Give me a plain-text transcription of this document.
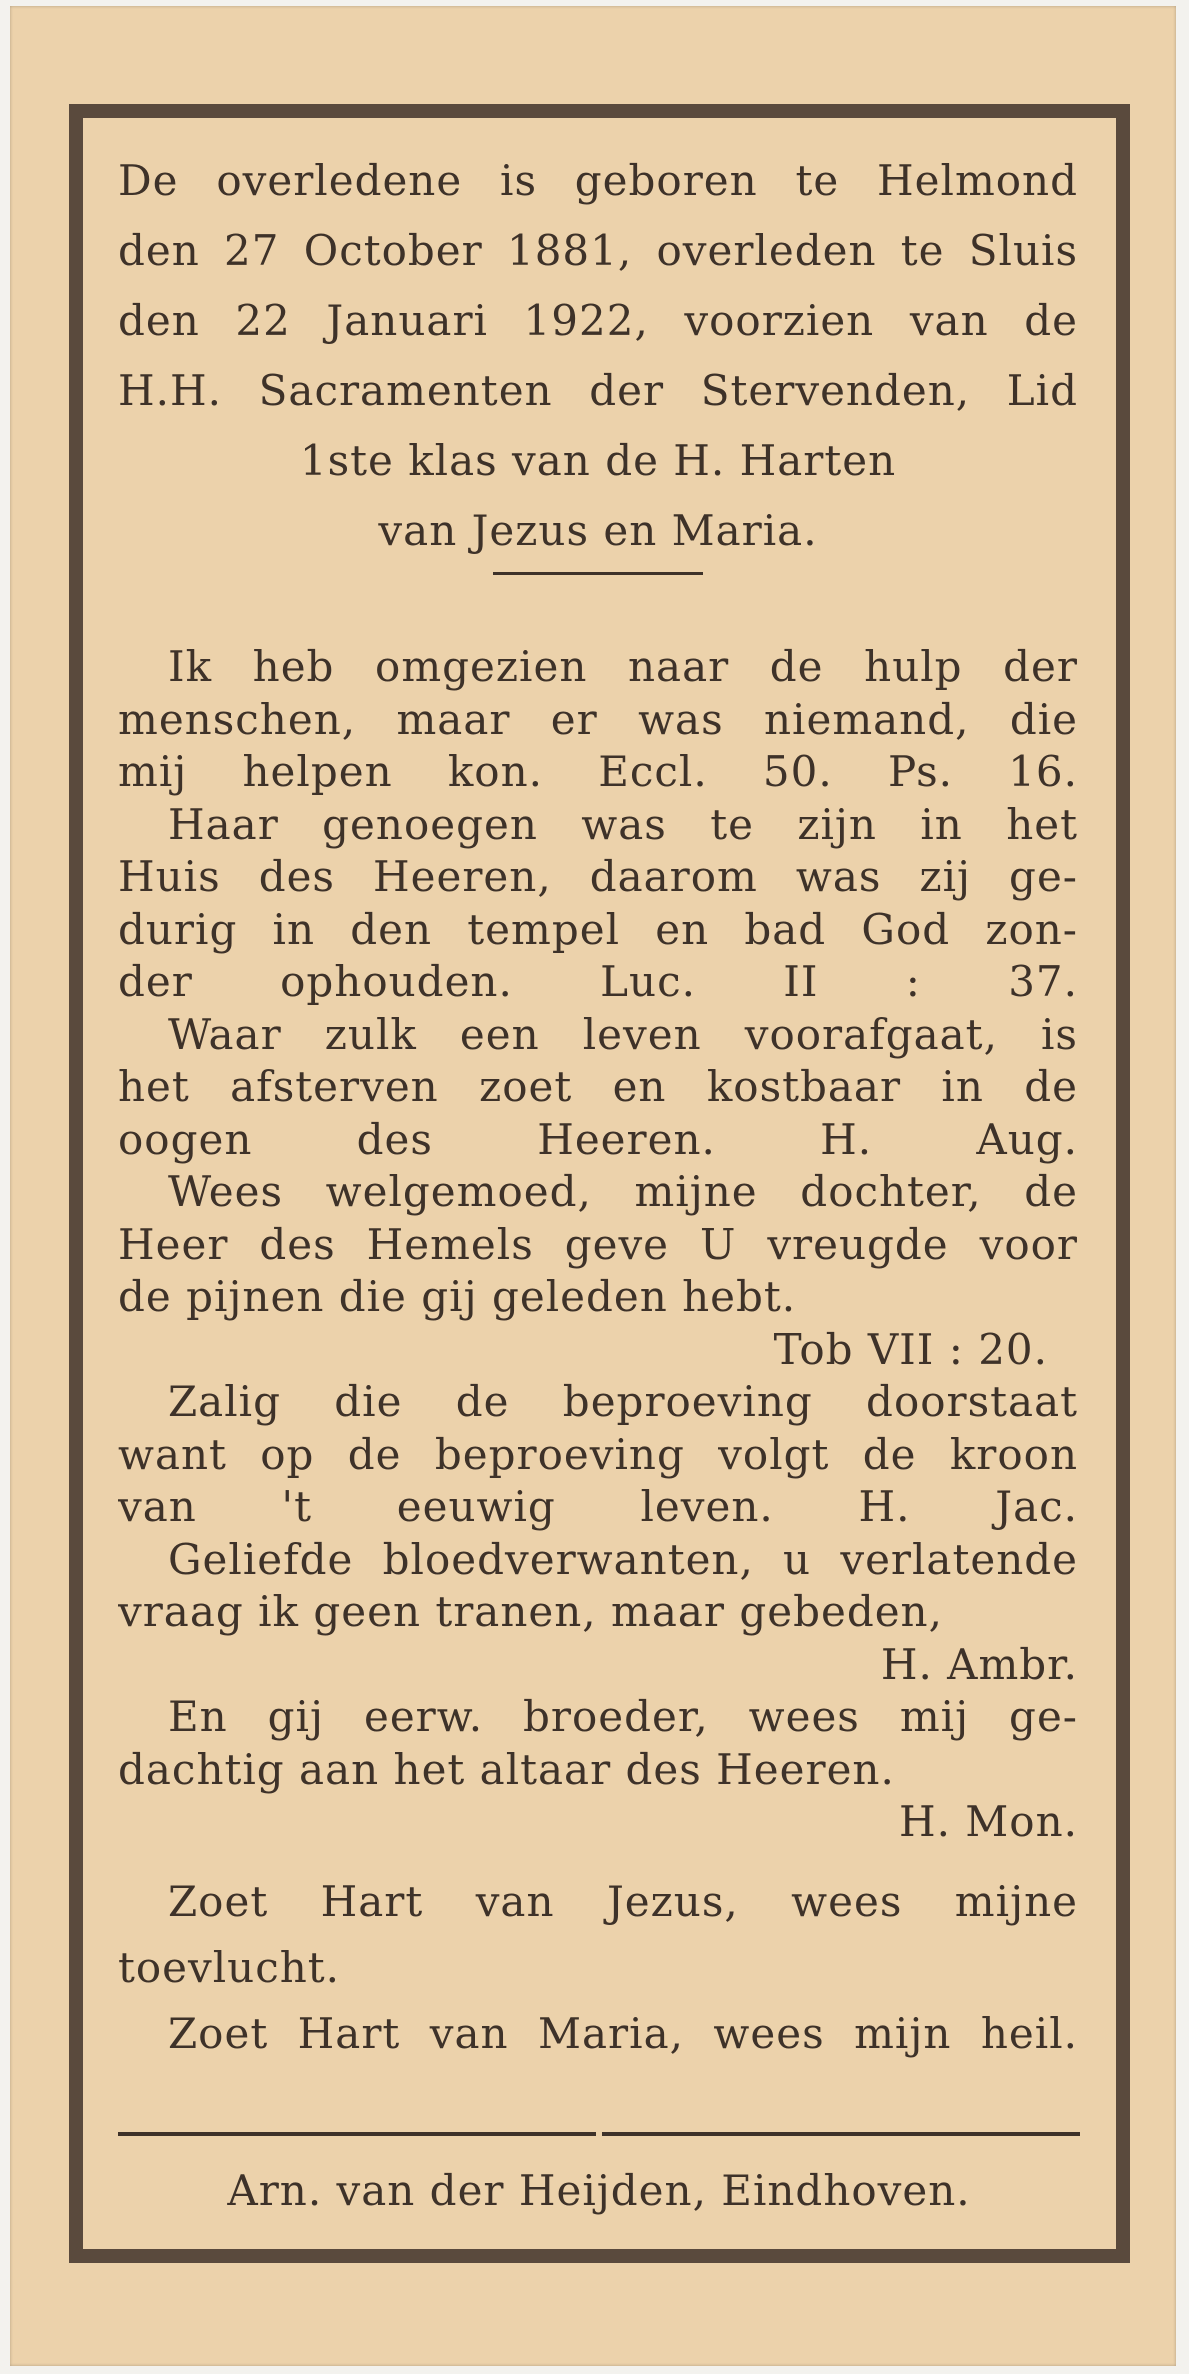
De overledene is geboren te Helmond
den 27 October 1881, overleden te Sluis
den 22 Januari 1922, voorzien van de
H.H. Sacramenten der Stervenden, Lid
1ste klas van de H. Harten
van Jezus en Maria.
Ik heb omgezien naar de hulp der
menschen, maar er was niemand, die
mij helpen kon. Eccl. 50. Ps. 16.
Haar genoegen was te zijn in het
Huis des Heeren, daarom was zij ge-
durig in den tempel en bad God zon-
der ophouden. Luc. II : 37.
Waar zulk een leven voorafgaat, is
het afsterven zoet en kostbaar in de
oogen des Heeren. H. Aug.
Wees welgemoed, mijne dochter, de
Heer des Hemels geve U vreugde voor
de pijnen die gij geleden hebt.
Tob VII : 20.
Zalig die de beproeving doorstaat
want op de beproeving volgt de kroon
van 't eeuwig leven. H. Jac.
Geliefde bloedverwanten, u verlatende
vraag ik geen tranen, maar gebeden,
H. Ambr.
En gij eerw. broeder, wees mij ge-
dachtig aan het altaar des Heeren.
H. Mon.
Zoet Hart van Jezus, wees mijne
toevlucht.
Zoet Hart van Maria, wees mijn heil.
Arn. van der Heijden, Eindhoven.
